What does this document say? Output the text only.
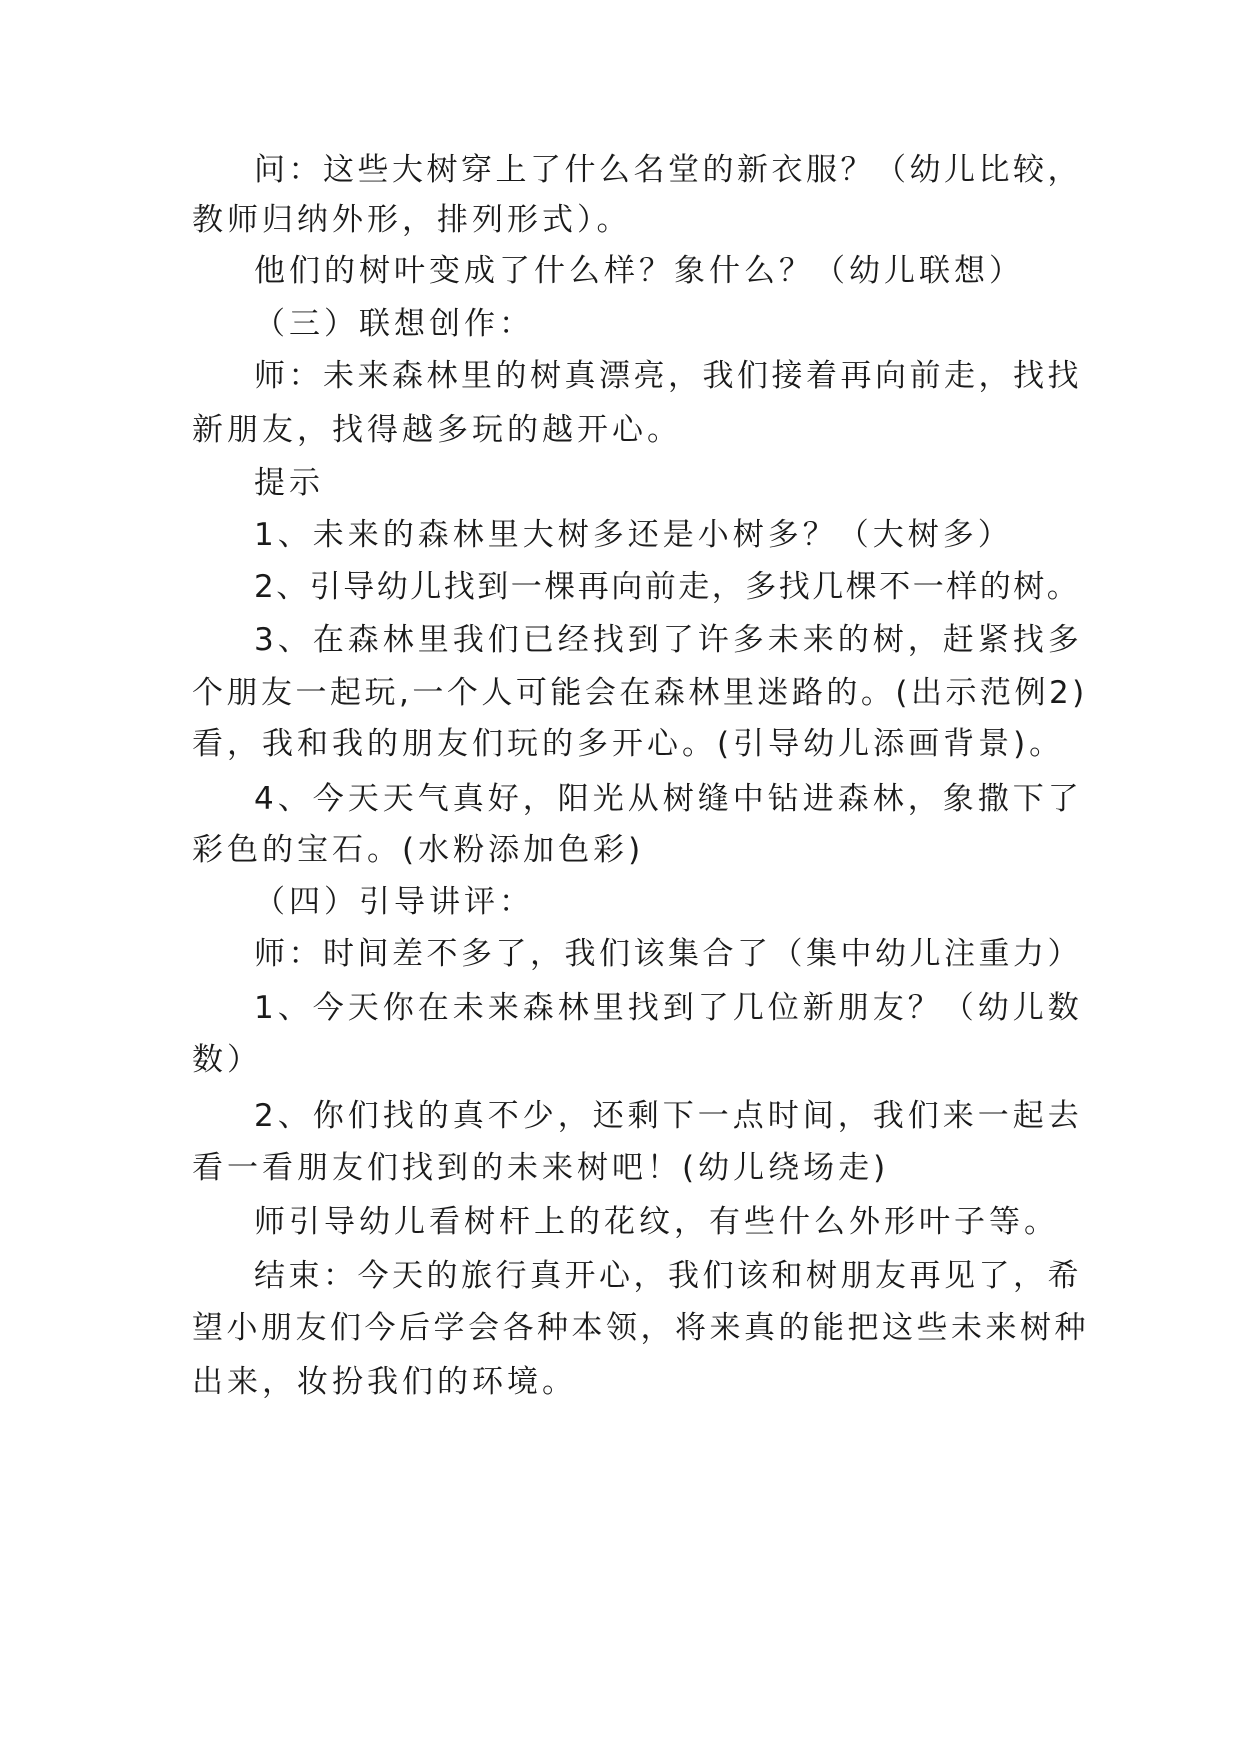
问：这些大树穿上了什么名堂的新衣服？（幼儿比较，
教师归纳外形，排列形式）。
他们的树叶变成了什么样？象什么？（幼儿联想）
（三）联想创作：
师：未来森林里的树真漂亮，我们接着再向前走，找找
新朋友，找得越多玩的越开心。
提示
1、未来的森林里大树多还是小树多？（大树多）
2、引导幼儿找到一棵再向前走，多找几棵不一样的树。
3、在森林里我们已经找到了许多未来的树，赶紧找多
个朋友一起玩,一个人可能会在森林里迷路的。(出示范例2)
看，我和我的朋友们玩的多开心。(引导幼儿添画背景)。
4、今天天气真好，阳光从树缝中钻进森林，象撒下了
彩色的宝石。(水粉添加色彩)
（四）引导讲评：
师：时间差不多了，我们该集合了（集中幼儿注重力）
1、今天你在未来森林里找到了几位新朋友？（幼儿数
数）
2、你们找的真不少，还剩下一点时间，我们来一起去
看一看朋友们找到的未来树吧！(幼儿绕场走)
师引导幼儿看树杆上的花纹，有些什么外形叶子等。
结束：今天的旅行真开心，我们该和树朋友再见了，希
望小朋友们今后学会各种本领，将来真的能把这些未来树种
出来，妆扮我们的环境。
